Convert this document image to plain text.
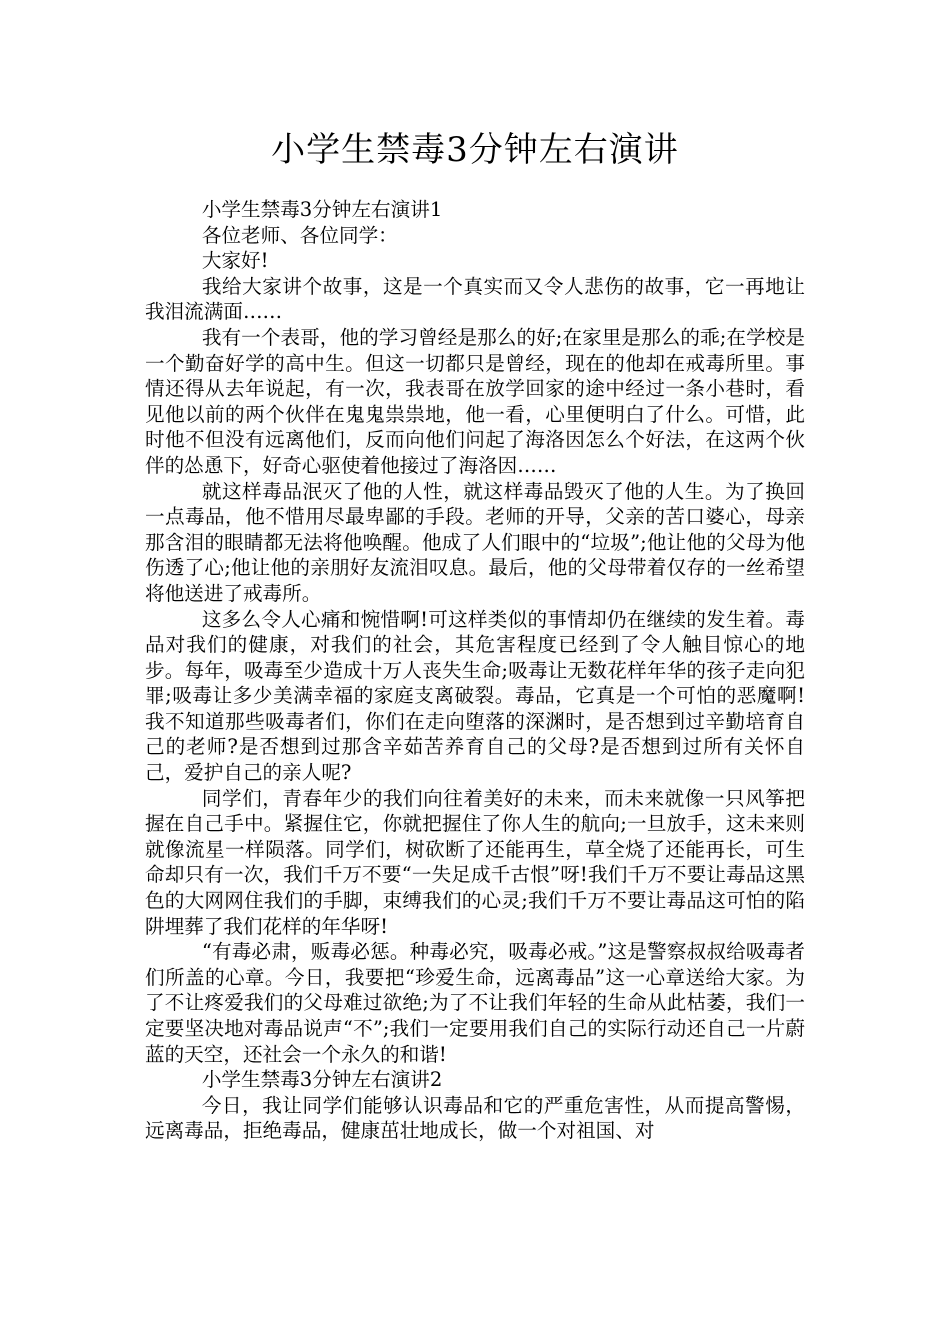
小学生禁毒3分钟左右演讲

小学生禁毒3分钟左右演讲1

各位老师、各位同学：

大家好!

我给大家讲个故事，这是一个真实而又令人悲伤的故事，它一再地让我泪流满面……

我有一个表哥，他的学习曾经是那么的好;在家里是那么的乖;在学校是一个勤奋好学的高中生。但这一切都只是曾经，现在的他却在戒毒所里。事情还得从去年说起，有一次，我表哥在放学回家的途中经过一条小巷时，看见他以前的两个伙伴在鬼鬼祟祟地，他一看，心里便明白了什么。可惜，此时他不但没有远离他们，反而向他们问起了海洛因怎么个好法，在这两个伙伴的怂恿下，好奇心驱使着他接过了海洛因……

就这样毒品泯灭了他的人性，就这样毒品毁灭了他的人生。为了换回一点毒品，他不惜用尽最卑鄙的手段。老师的开导，父亲的苦口婆心，母亲那含泪的眼睛都无法将他唤醒。他成了人们眼中的“垃圾”;他让他的父母为他伤透了心;他让他的亲朋好友流泪叹息。最后，他的父母带着仅存的一丝希望将他送进了戒毒所。

这多么令人心痛和惋惜啊!可这样类似的事情却仍在继续的发生着。毒品对我们的健康，对我们的社会，其危害程度已经到了令人触目惊心的地步。每年，吸毒至少造成十万人丧失生命;吸毒让无数花样年华的孩子走向犯罪;吸毒让多少美满幸福的家庭支离破裂。毒品，它真是一个可怕的恶魔啊!我不知道那些吸毒者们，你们在走向堕落的深渊时，是否想到过辛勤培育自己的老师?是否想到过那含辛茹苦养育自己的父母?是否想到过所有关怀自己，爱护自己的亲人呢?

同学们，青春年少的我们向往着美好的未来，而未来就像一只风筝把握在自己手中。紧握住它，你就把握住了你人生的航向;一旦放手，这未来则就像流星一样陨落。同学们，树砍断了还能再生，草全烧了还能再长，可生命却只有一次，我们千万不要“一失足成千古恨”呀!我们千万不要让毒品这黑色的大网网住我们的手脚，束缚我们的心灵;我们千万不要让毒品这可怕的陷阱埋葬了我们花样的年华呀!

“有毒必肃，贩毒必惩。种毒必究，吸毒必戒。”这是警察叔叔给吸毒者们所盖的心章。今日，我要把“珍爱生命，远离毒品”这一心章送给大家。为了不让疼爱我们的父母难过欲绝;为了不让我们年轻的生命从此枯萎，我们一定要坚决地对毒品说声“不”;我们一定要用我们自己的实际行动还自己一片蔚蓝的天空，还社会一个永久的和谐!

小学生禁毒3分钟左右演讲2

今日，我让同学们能够认识毒品和它的严重危害性，从而提高警惕，远离毒品，拒绝毒品，健康茁壮地成长，做一个对祖国、对
